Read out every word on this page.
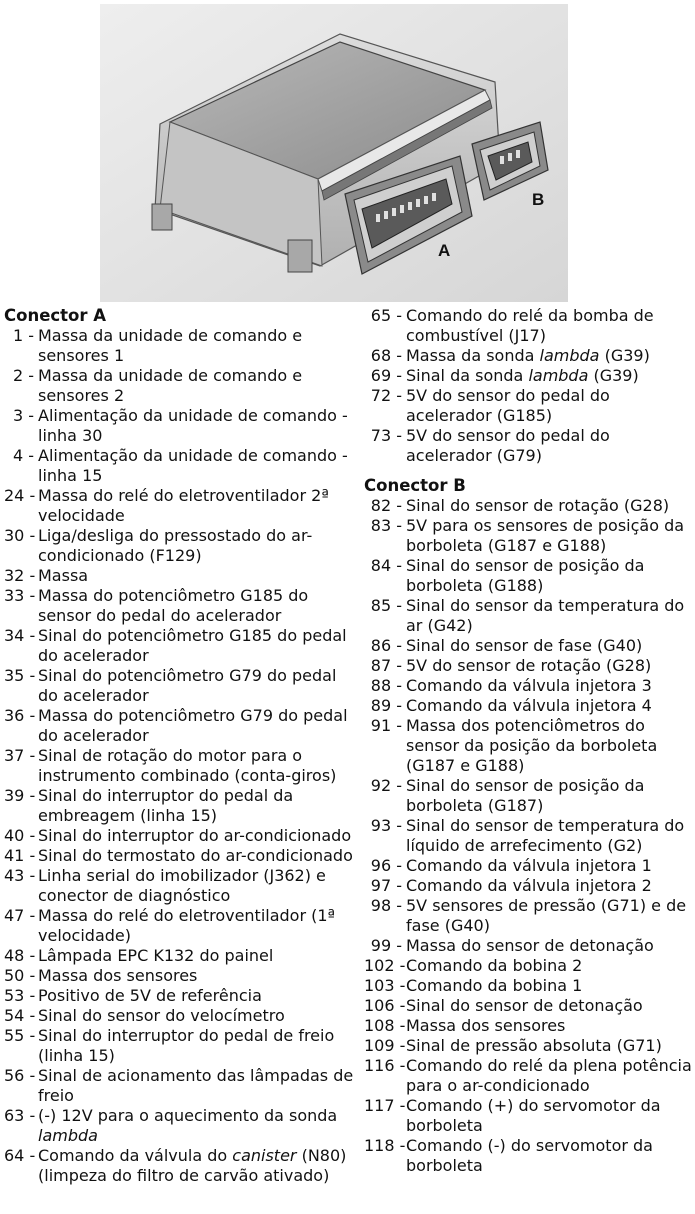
B
A
Conector A
1 - Massa da unidade de comando e sensores 1
2 - Massa da unidade de comando e sensores 2
3 - Alimentação da unidade de comando - linha 30
4 - Alimentação da unidade de comando - linha 15
24 - Massa do relé do eletroventilador 2ª velocidade
30 - Liga/desliga do pressostado do ar-condicionado (F129)
32 - Massa
33 - Massa do potenciômetro G185 do sensor do pedal do acelerador
34 - Sinal do potenciômetro G185 do pedal do acelerador
35 - Sinal do potenciômetro G79 do pedal do acelerador
36 - Massa do potenciômetro G79 do pedal do acelerador
37 - Sinal de rotação do motor para o instrumento combinado (conta-giros)
39 - Sinal do interruptor do pedal da embreagem (linha 15)
40 - Sinal do interruptor do ar-condicionado
41 - Sinal do termostato do ar-condicionado
43 - Linha serial do imobilizador (J362) e conector de diagnóstico
47 - Massa do relé do eletroventilador (1ª velocidade)
48 - Lâmpada EPC K132 do painel
50 - Massa dos sensores
53 - Positivo de 5V de referência
54 - Sinal do sensor do velocímetro
55 - Sinal do interruptor do pedal de freio (linha 15)
56 - Sinal de acionamento das lâmpadas de freio
63 - (-) 12V para o aquecimento da sonda lambda
64 - Comando da válvula do canister (N80) (limpeza do filtro de carvão ativado)
65 - Comando do relé da bomba de combustível (J17)
68 - Massa da sonda lambda (G39)
69 - Sinal da sonda lambda (G39)
72 - 5V do sensor do pedal do acelerador (G185)
73 - 5V do sensor do pedal do acelerador (G79)
Conector B
82 - Sinal do sensor de rotação (G28)
83 - 5V para os sensores de posição da borboleta (G187 e G188)
84 - Sinal do sensor de posição da borboleta (G188)
85 - Sinal do sensor da temperatura do ar (G42)
86 - Sinal do sensor de fase (G40)
87 - 5V do sensor de rotação (G28)
88 - Comando da válvula injetora 3
89 - Comando da válvula injetora 4
91 - Massa dos potenciômetros do sensor da posição da borboleta (G187 e G188)
92 - Sinal do sensor de posição da borboleta (G187)
93 - Sinal do sensor de temperatura do líquido de arrefecimento (G2)
96 - Comando da válvula injetora 1
97 - Comando da válvula injetora 2
98 - 5V sensores de pressão (G71) e de fase (G40)
99 - Massa do sensor de detonação
102 - Comando da bobina 2
103 - Comando da bobina 1
106 - Sinal do sensor de detonação
108 - Massa dos sensores
109 - Sinal de pressão absoluta (G71)
116 - Comando do relé da plena potência para o ar-condicionado
117 - Comando (+) do servomotor da borboleta
118 - Comando (-) do servomotor da borboleta
